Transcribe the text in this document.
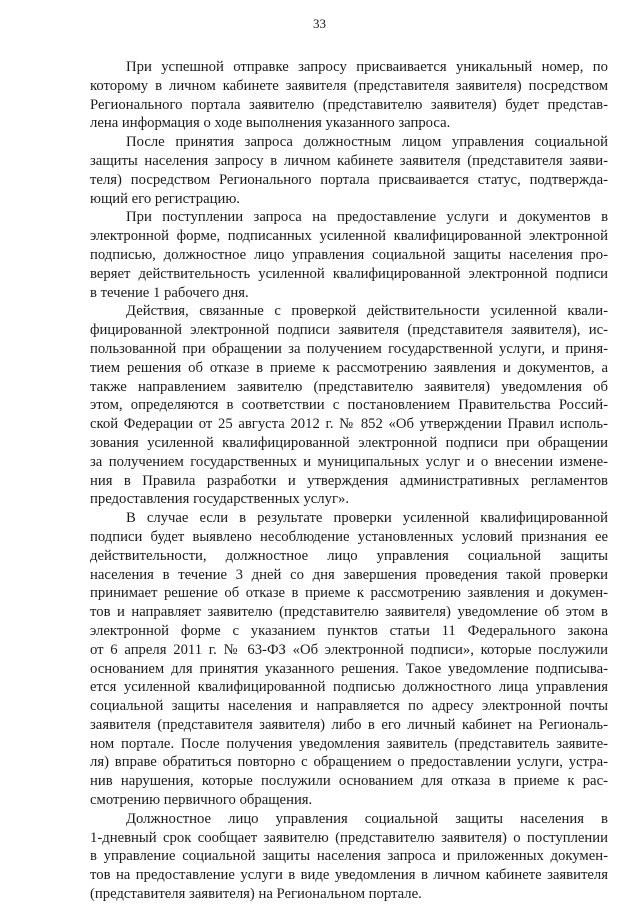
33
При успешной отправке запросу присваивается уникальный номер, по
которому в личном кабинете заявителя (представителя заявителя) посредством
Регионального портала заявителю (представителю заявителя) будет представ-
лена информация о ходе выполнения указанного запроса.
После принятия запроса должностным лицом управления социальной
защиты населения запросу в личном кабинете заявителя (представителя заяви-
теля) посредством Регионального портала присваивается статус, подтвержда-
ющий его регистрацию.
При поступлении запроса на предоставление услуги и документов в
электронной форме, подписанных усиленной квалифицированной электронной
подписью, должностное лицо управления социальной защиты населения про-
веряет действительность усиленной квалифицированной электронной подписи
в течение 1 рабочего дня.
Действия, связанные с проверкой действительности усиленной квали-
фицированной электронной подписи заявителя (представителя заявителя), ис-
пользованной при обращении за получением государственной услуги, и приня-
тием решения об отказе в приеме к рассмотрению заявления и документов, а
также направлением заявителю (представителю заявителя) уведомления об
этом, определяются в соответствии с постановлением Правительства Россий-
ской Федерации от 25 августа 2012 г. № 852 «Об утверждении Правил исполь-
зования усиленной квалифицированной электронной подписи при обращении
за получением государственных и муниципальных услуг и о внесении измене-
ния в Правила разработки и утверждения административных регламентов
предоставления государственных услуг».
В случае если в результате проверки усиленной квалифицированной
подписи будет выявлено несоблюдение установленных условий признания ее
действительности, должностное лицо управления социальной защиты
населения в течение 3 дней со дня завершения проведения такой проверки
принимает решение об отказе в приеме к рассмотрению заявления и докумен-
тов и направляет заявителю (представителю заявителя) уведомление об этом в
электронной форме с указанием пунктов статьи 11 Федерального закона
от 6 апреля 2011 г. № 63-ФЗ «Об электронной подписи», которые послужили
основанием для принятия указанного решения. Такое уведомление подписыва-
ется усиленной квалифицированной подписью должностного лица управления
социальной защиты населения и направляется по адресу электронной почты
заявителя (представителя заявителя) либо в его личный кабинет на Региональ-
ном портале. После получения уведомления заявитель (представитель заявите-
ля) вправе обратиться повторно с обращением о предоставлении услуги, устра-
нив нарушения, которые послужили основанием для отказа в приеме к рас-
смотрению первичного обращения.
Должностное лицо управления социальной защиты населения в
1-дневный срок сообщает заявителю (представителю заявителя) о поступлении
в управление социальной защиты населения запроса и приложенных докумен-
тов на предоставление услуги в виде уведомления в личном кабинете заявителя
(представителя заявителя) на Региональном портале.
